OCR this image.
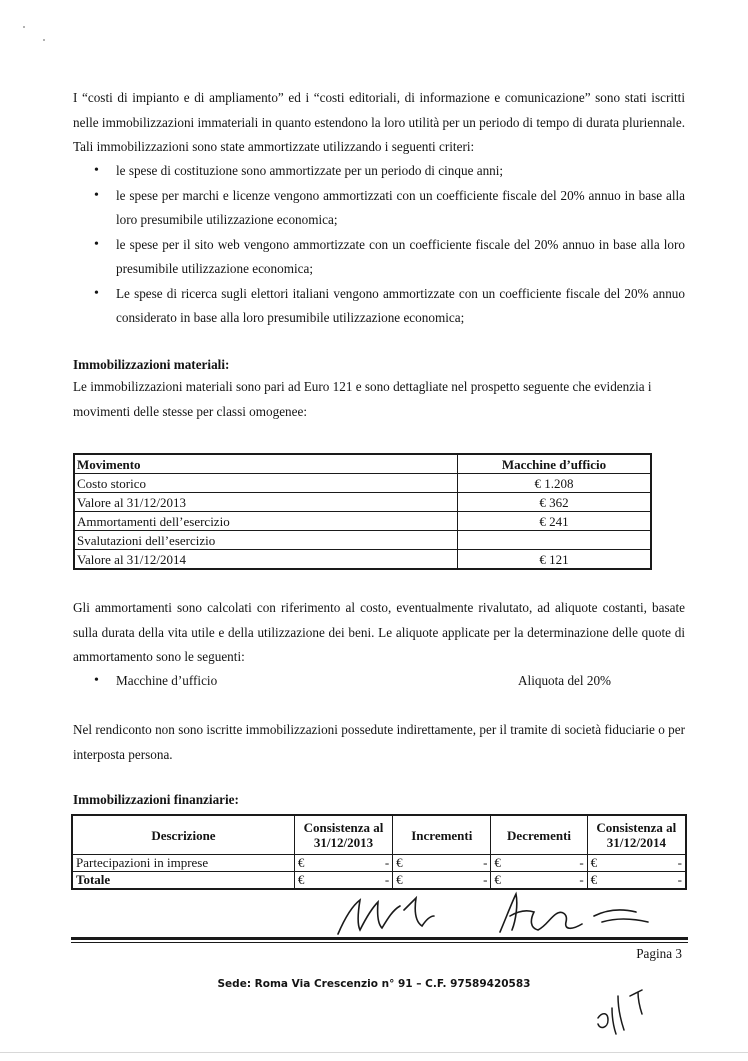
I “costi di impianto e di ampliamento” ed i “costi editoriali, di informazione e comunicazione” sono stati iscritti nelle immobilizzazioni immateriali in quanto estendono la loro utilità per un periodo di tempo di durata pluriennale. Tali immobilizzazioni sono state ammortizzate utilizzando i seguenti criteri:

• le spese di costituzione sono ammortizzate per un periodo di cinque anni;
• le spese per marchi e licenze vengono ammortizzati con un coefficiente fiscale del 20% annuo in base alla loro presumibile utilizzazione economica;
• le spese per il sito web vengono ammortizzate con un coefficiente fiscale del 20% annuo in base alla loro presumibile utilizzazione economica;
• Le spese di ricerca sugli elettori italiani vengono ammortizzate con un coefficiente fiscale del 20% annuo considerato in base alla loro presumibile utilizzazione economica;
Immobilizzazioni materiali:

Le immobilizzazioni materiali sono pari ad Euro 121 e sono dettagliate nel prospetto seguente che evidenzia i movimenti delle stesse per classi omogenee:

Movimento	Macchine d’ufficio
Costo storico	€ 1.208
Valore al 31/12/2013	€ 362
Ammortamenti dell’esercizio	€ 241
Svalutazioni dell’esercizio	
Valore al 31/12/2014	€ 121

Gli ammortamenti sono calcolati con riferimento al costo, eventualmente rivalutato, ad aliquote costanti, basate sulla durata della vita utile e della utilizzazione dei beni. Le aliquote applicate per la determinazione delle quote di ammortamento sono le seguenti:

• Macchine d’ufficio	Aliquota del 20%

Nel rendiconto non sono iscritte immobilizzazioni possedute indirettamente, per il tramite di società fiduciarie o per interposta persona.

Immobilizzazioni finanziarie:
Descrizione	Consistenza al 31/12/2013	Incrementi	Decrementi	Consistenza al 31/12/2014
Partecipazioni in imprese	€ -	€ -	€ -	€ -

Totale	€ -	€ -	€ -	€ -
Pagina 3
Sede: Roma Via Crescenzio n° 91 – C.F. 97589420583
